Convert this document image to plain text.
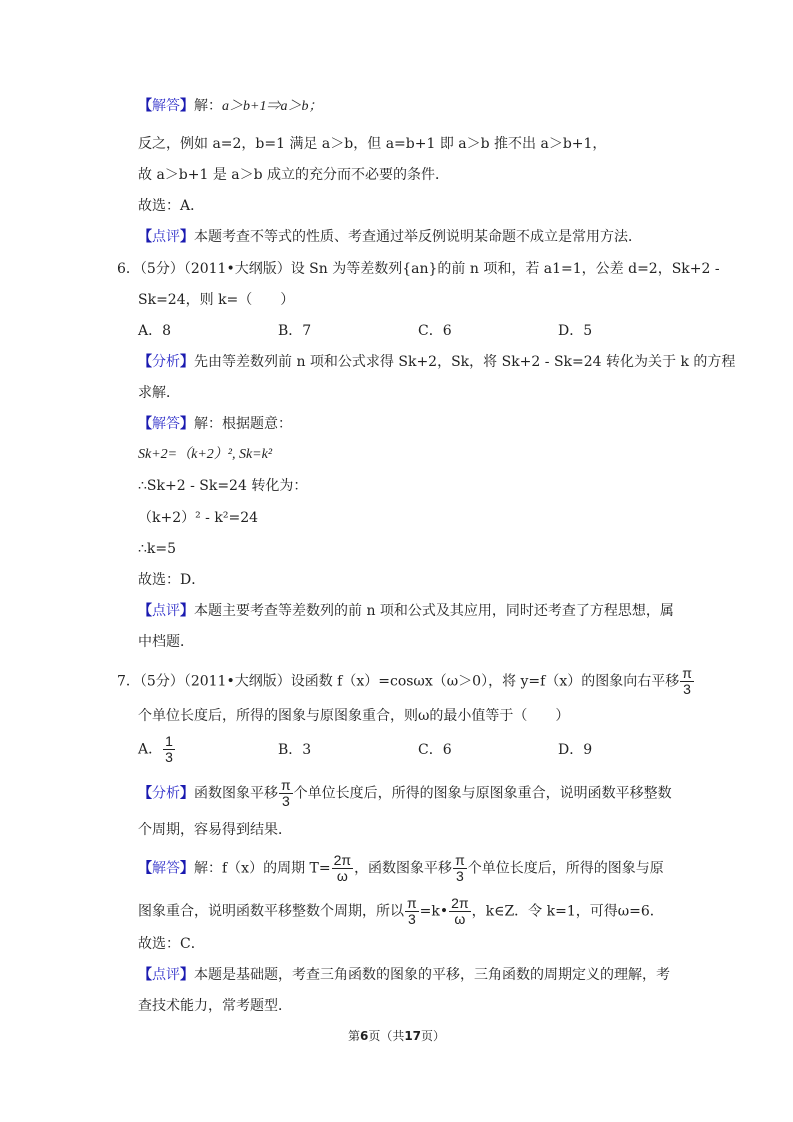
【解答】解：a＞b+1⇒a＞b；
反之，例如 a=2，b=1 满足 a＞b，但 a=b+1 即 a＞b 推不出 a＞b+1，
故 a＞b+1 是 a＞b 成立的充分而不必要的条件．
故选：A．
【点评】本题考查不等式的性质、考查通过举反例说明某命题不成立是常用方法．
6．（5分）（2011•大纲版）设 Sn 为等差数列{an}的前 n 项和，若 a1=1，公差 d=2，Sk+2 -
Sk=24，则 k=（　　）
A．8	B．7	C．6	D．5
【分析】先由等差数列前 n 项和公式求得 Sk+2，Sk，将 Sk+2 - Sk=24 转化为关于 k 的方程
求解．
【解答】解：根据题意：
Sk+2=（k+2）², Sk=k²
∴Sk+2 - Sk=24 转化为：
（k+2）² - k²=24
∴k=5
故选：D．
【点评】本题主要考查等差数列的前 n 项和公式及其应用，同时还考查了方程思想，属
中档题．
7．（5分）（2011•大纲版）设函数 f（x）=cosωx（ω＞0），将 y=f（x）的图象向右平移 $\frac{\pi}{3}$
个单位长度后，所得的图象与原图象重合，则ω的最小值等于（　　）
A． $\frac{1}{3}$	B．3	C．6	D．9
【分析】函数图象平移 $\frac{\pi}{3}$ 个单位长度后，所得的图象与原图象重合，说明函数平移整数
个周期，容易得到结果．
【解答】解：f（x）的周期 $T= \frac{2\pi}{\omega}$ ，函数图象平移 $\frac{\pi}{3}$ 个单位长度后，所得的图象与原
图象重合，说明函数平移整数个周期，所以 $\frac{\pi}{3}$ =k• $\frac{2\pi}{\omega}$ ，k∈Z．令 k=1，可得ω=6．
故选：C．
【点评】本题是基础题，考查三角函数的图象的平移，三角函数的周期定义的理解，考
查技术能力，常考题型．
第6页（共17页）
